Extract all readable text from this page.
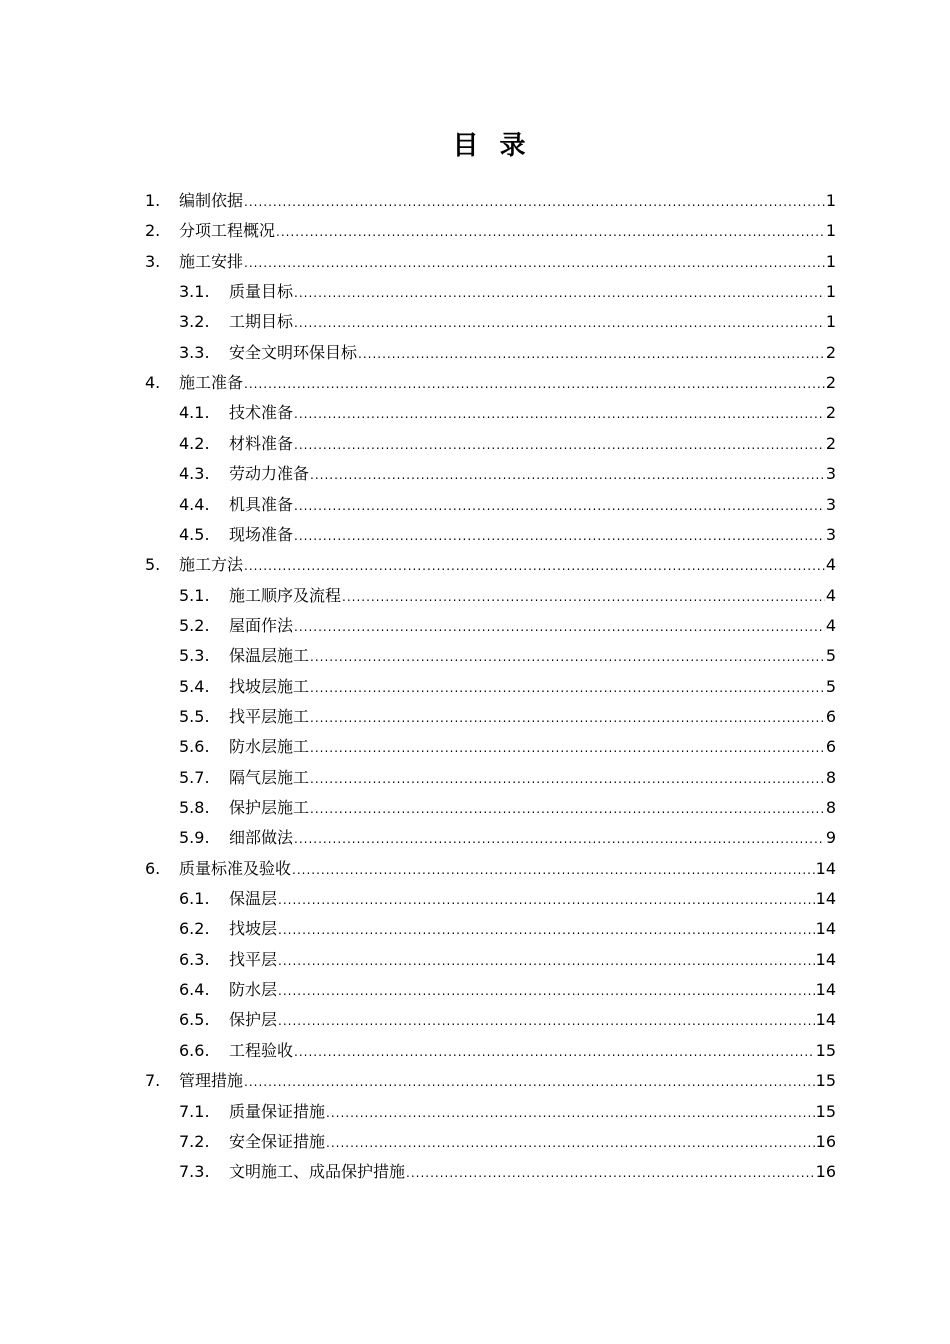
目 录
1.	编制依据 .....	1
2.	分项工程概况 .....	1
3.	施工安排 .....	1
3.1.	质量目标 .....	1
3.2.	工期目标 .....	1
3.3.	安全文明环保目标 .....	2
4.	施工准备 .....	2
4.1.	技术准备 .....	2
4.2.	材料准备 .....	2
4.3.	劳动力准备 .....	3
4.4.	机具准备 .....	3
4.5.	现场准备 .....	3
5.	施工方法 .....	4
5.1.	施工顺序及流程 .....	4
5.2.	屋面作法 .....	4
5.3.	保温层施工 .....	5
5.4.	找坡层施工 .....	5
5.5.	找平层施工 .....	6
5.6.	防水层施工 .....	6
5.7.	隔气层施工 .....	8
5.8.	保护层施工 .....	8
5.9.	细部做法 .....	9
6.	质量标准及验收 .....	14
6.1.	保温层 .....	14
6.2.	找坡层 .....	14
6.3.	找平层 .....	14
6.4.	防水层 .....	14
6.5.	保护层 .....	14
6.6.	工程验收 .....	15
7.	管理措施 .....	15
7.1.	质量保证措施 .....	15
7.2.	安全保证措施 .....	16
7.3.	文明施工、成品保护措施 .....	16
